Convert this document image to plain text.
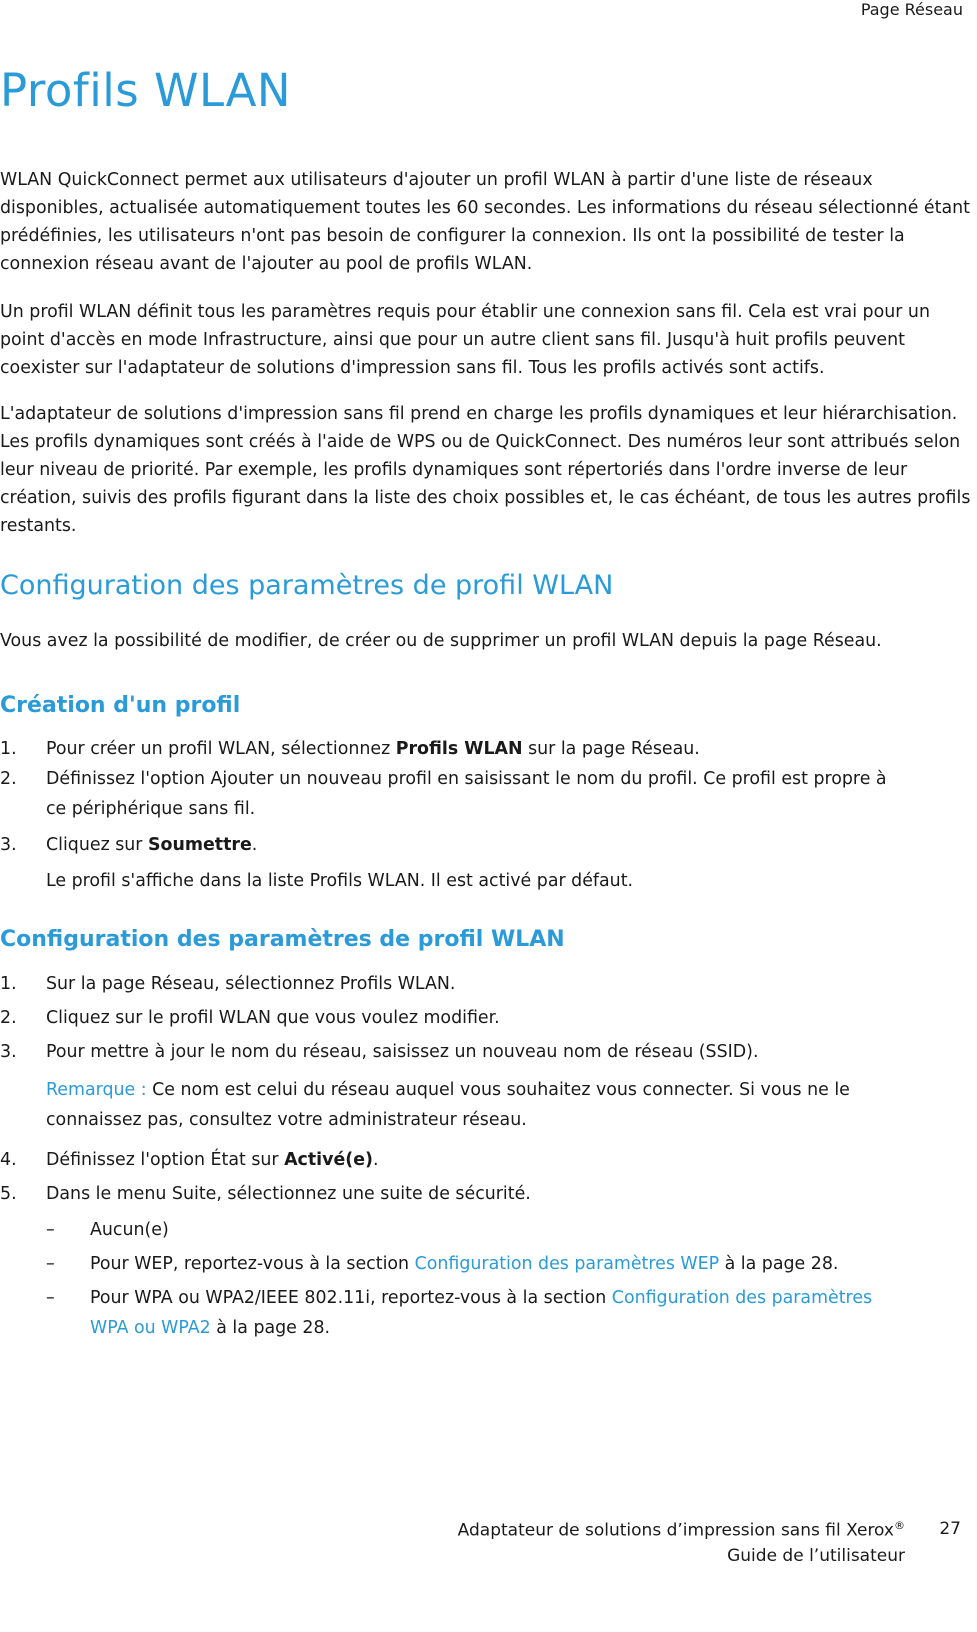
Page Réseau
Profils WLAN

WLAN QuickConnect permet aux utilisateurs d'ajouter un profil WLAN à partir d'une liste de réseaux disponibles, actualisée automatiquement toutes les 60 secondes. Les informations du réseau sélectionné étant prédéfinies, les utilisateurs n'ont pas besoin de configurer la connexion. Ils ont la possibilité de tester la connexion réseau avant de l'ajouter au pool de profils WLAN.

Un profil WLAN définit tous les paramètres requis pour établir une connexion sans fil. Cela est vrai pour un point d'accès en mode Infrastructure, ainsi que pour un autre client sans fil. Jusqu'à huit profils peuvent coexister sur l'adaptateur de solutions d'impression sans fil. Tous les profils activés sont actifs.

L'adaptateur de solutions d'impression sans fil prend en charge les profils dynamiques et leur hiérarchisation. Les profils dynamiques sont créés à l'aide de WPS ou de QuickConnect. Des numéros leur sont attribués selon leur niveau de priorité. Par exemple, les profils dynamiques sont répertoriés dans l'ordre inverse de leur création, suivis des profils figurant dans la liste des choix possibles et, le cas échéant, de tous les autres profils restants.

Configuration des paramètres de profil WLAN

Vous avez la possibilité de modifier, de créer ou de supprimer un profil WLAN depuis la page Réseau.

Création d'un profil
1. Pour créer un profil WLAN, sélectionnez Profils WLAN sur la page Réseau.
2. Définissez l'option Ajouter un nouveau profil en saisissant le nom du profil. Ce profil est propre à
ce périphérique sans fil.
3. Cliquez sur Soumettre.
Le profil s'affiche dans la liste Profils WLAN. Il est activé par défaut.
Configuration des paramètres de profil WLAN
1. Sur la page Réseau, sélectionnez Profils WLAN.
2. Cliquez sur le profil WLAN que vous voulez modifier.
3. Pour mettre à jour le nom du réseau, saisissez un nouveau nom de réseau (SSID).
Remarque : Ce nom est celui du réseau auquel vous souhaitez vous connecter. Si vous ne le
connaissez pas, consultez votre administrateur réseau.
4. Définissez l'option État sur Activé(e).
5. Dans le menu Suite, sélectionnez une suite de sécurité.
– Aucun(e)
– Pour WEP, reportez-vous à la section Configuration des paramètres WEP à la page 28.
– Pour WPA ou WPA2/IEEE 802.11i, reportez-vous à la section Configuration des paramètres
WPA ou WPA2 à la page 28.
Adaptateur de solutions d’impression sans fil Xerox®
Guide de l’utilisateur
27
